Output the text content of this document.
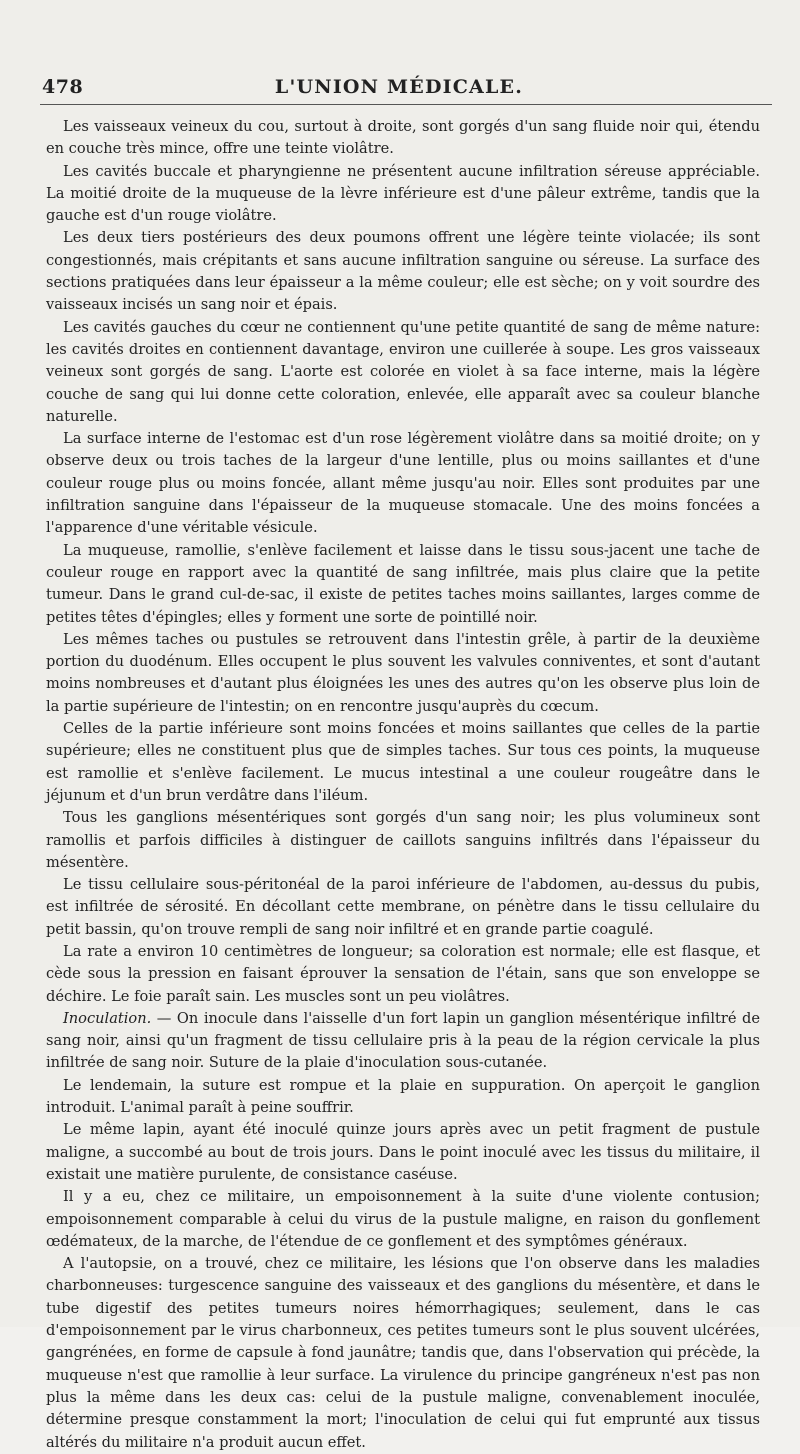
478	L'UNION MÉDICALE.

Les vaisseaux veineux du cou, surtout à droite, sont gorgés d'un sang fluide noir qui, étendu en couche très mince, offre une teinte violâtre.

Les cavités buccale et pharyngienne ne présentent aucune infiltration séreuse appréciable. La moitié droite de la muqueuse de la lèvre inférieure est d'une pâleur extrême, tandis que la gauche est d'un rouge violâtre.

Les deux tiers postérieurs des deux poumons offrent une légère teinte violacée; ils sont congestionnés, mais crépitants et sans aucune infiltration sanguine ou séreuse. La surface des sections pratiquées dans leur épaisseur a la même couleur; elle est sèche; on y voit sourdre des vaisseaux incisés un sang noir et épais.

Les cavités gauches du cœur ne contiennent qu'une petite quantité de sang de même nature: les cavités droites en contiennent davantage, environ une cuillerée à soupe. Les gros vaisseaux veineux sont gorgés de sang. L'aorte est colorée en violet à sa face interne, mais la légère couche de sang qui lui donne cette coloration, enlevée, elle apparaît avec sa couleur blanche naturelle.

La surface interne de l'estomac est d'un rose légèrement violâtre dans sa moitié droite; on y observe deux ou trois taches de la largeur d'une lentille, plus ou moins saillantes et d'une couleur rouge plus ou moins foncée, allant même jusqu'au noir. Elles sont produites par une infiltration sanguine dans l'épaisseur de la muqueuse stomacale. Une des moins foncées a l'apparence d'une véritable vésicule.

La muqueuse, ramollie, s'enlève facilement et laisse dans le tissu sous-jacent une tache de couleur rouge en rapport avec la quantité de sang infiltrée, mais plus claire que la petite tumeur. Dans le grand cul-de-sac, il existe de petites taches moins saillantes, larges comme de petites têtes d'épingles; elles y forment une sorte de pointillé noir.

Les mêmes taches ou pustules se retrouvent dans l'intestin grêle, à partir de la deuxième portion du duodénum. Elles occupent le plus souvent les valvules conniventes, et sont d'autant moins nombreuses et d'autant plus éloignées les unes des autres qu'on les observe plus loin de la partie supérieure de l'intestin; on en rencontre jusqu'auprès du cœcum.

Celles de la partie inférieure sont moins foncées et moins saillantes que celles de la partie supérieure; elles ne constituent plus que de simples taches. Sur tous ces points, la muqueuse est ramollie et s'enlève facilement. Le mucus intestinal a une couleur rougeâtre dans le jéjunum et d'un brun verdâtre dans l'iléum.

Tous les ganglions mésentériques sont gorgés d'un sang noir; les plus volumineux sont ramollis et parfois difficiles à distinguer de caillots sanguins infiltrés dans l'épaisseur du mésentère.

Le tissu cellulaire sous-péritonéal de la paroi inférieure de l'abdomen, au-dessus du pubis, est infiltrée de sérosité. En décollant cette membrane, on pénètre dans le tissu cellulaire du petit bassin, qu'on trouve rempli de sang noir infiltré et en grande partie coagulé.

La rate a environ 10 centimètres de longueur; sa coloration est normale; elle est flasque, et cède sous la pression en faisant éprouver la sensation de l'étain, sans que son enveloppe se déchire. Le foie paraît sain. Les muscles sont un peu violâtres.

Inoculation. — On inocule dans l'aisselle d'un fort lapin un ganglion mésentérique infiltré de sang noir, ainsi qu'un fragment de tissu cellulaire pris à la peau de la région cervicale la plus infiltrée de sang noir. Suture de la plaie d'inoculation sous-cutanée.

Le lendemain, la suture est rompue et la plaie en suppuration. On aperçoit le ganglion introduit. L'animal paraît à peine souffrir.

Le même lapin, ayant été inoculé quinze jours après avec un petit fragment de pustule maligne, a succombé au bout de trois jours. Dans le point inoculé avec les tissus du militaire, il existait une matière purulente, de consistance caséuse.

Il y a eu, chez ce militaire, un empoisonnement à la suite d'une violente contusion; empoisonnement comparable à celui du virus de la pustule maligne, en raison du gonflement œdémateux, de la marche, de l'étendue de ce gonflement et des symptômes généraux.

A l'autopsie, on a trouvé, chez ce militaire, les lésions que l'on observe dans les maladies charbonneuses: turgescence sanguine des vaisseaux et des ganglions du mésentère, et dans le tube digestif des petites tumeurs noires hémorrhagiques; seulement, dans le cas d'empoisonnement par le virus charbonneux, ces petites tumeurs sont le plus souvent ulcérées, gangrénées, en forme de capsule à fond jaunâtre; tandis que, dans l'observation qui précède, la muqueuse n'est que ramollie à leur surface. La virulence du principe gangréneux n'est pas non plus la même dans les deux cas: celui de la pustule maligne, convenablement inoculée, détermine presque constamment la mort; l'inoculation de celui qui fut emprunté aux tissus altérés du militaire n'a produit aucun effet.
